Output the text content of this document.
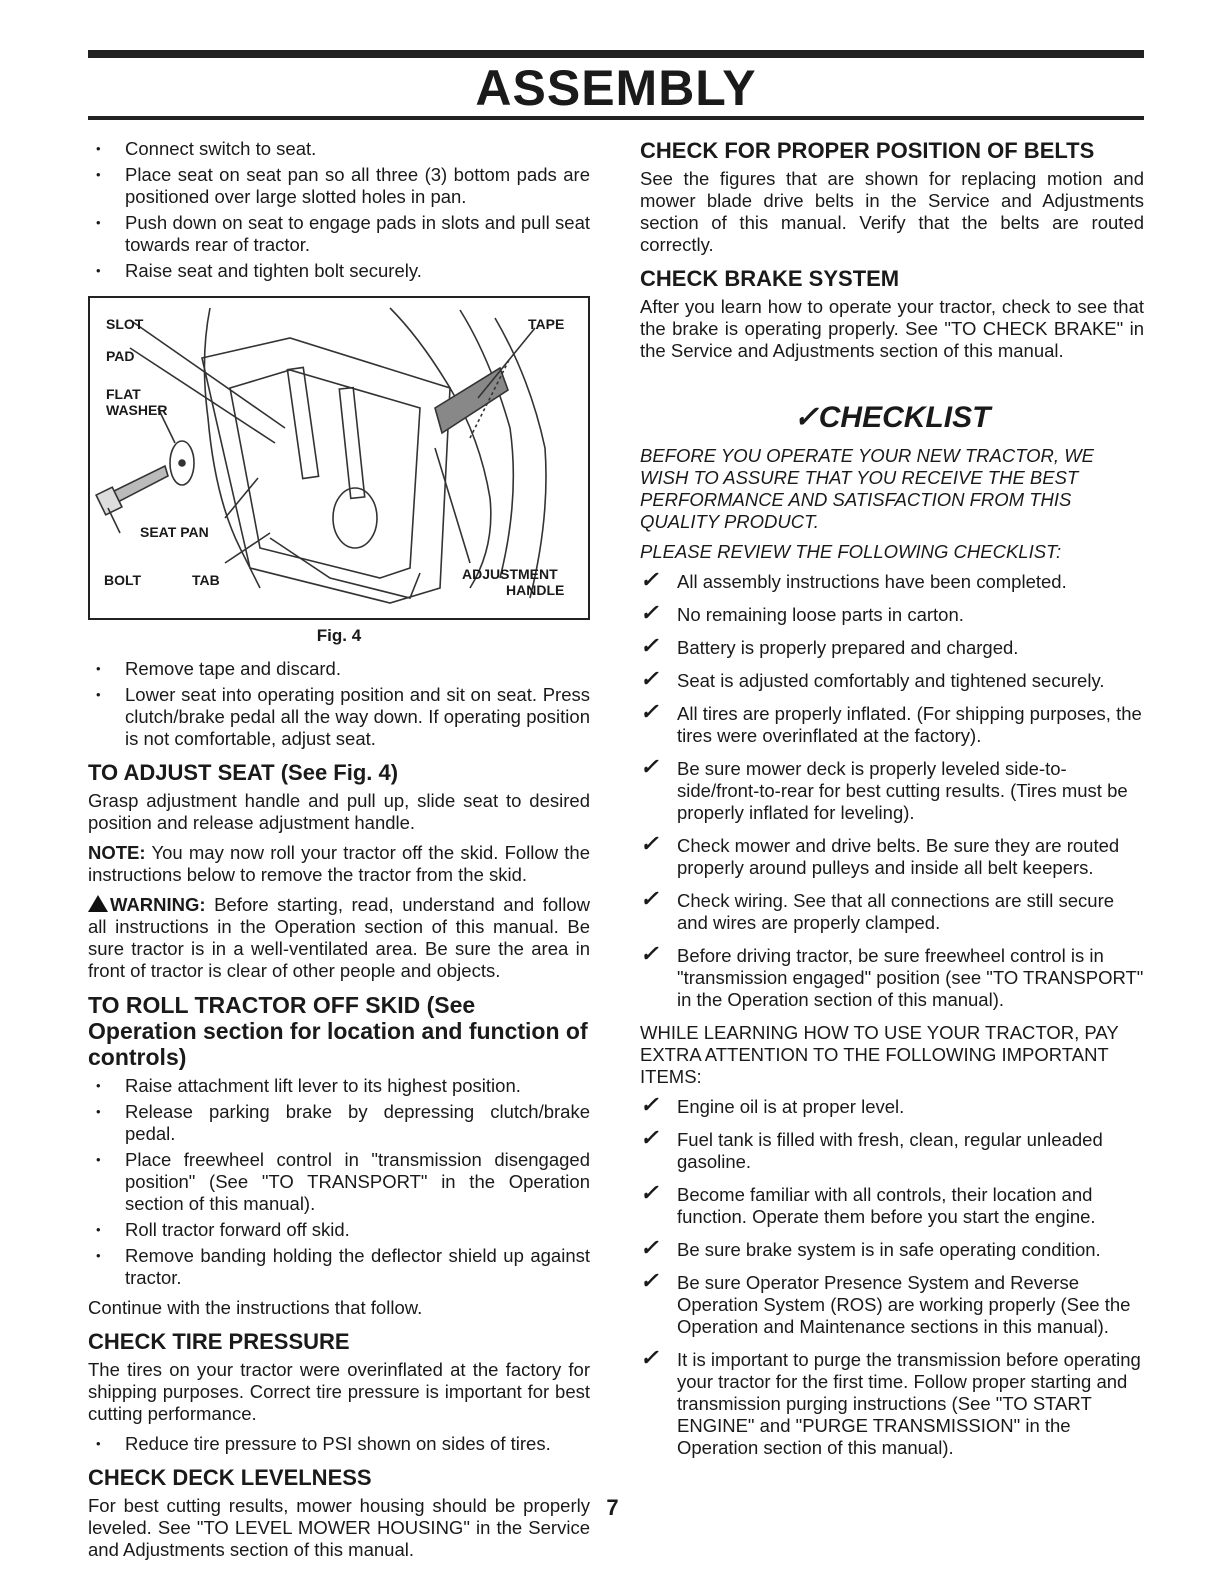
ASSEMBLY
• Connect switch to seat.
• Place seat on seat pan so all three (3) bottom pads are positioned over large slotted holes in pan.
• Push down on seat to engage pads in slots and pull seat towards rear of tractor.
• Raise seat and tighten bolt securely.
SLOT
PAD
FLAT
WASHER
SEAT PAN
BOLT	TAB
TAPE
ADJUSTMENT
HANDLE
Fig. 4
• Remove tape and discard.
• Lower seat into operating position and sit on seat. Press clutch/brake pedal all the way down. If operating position is not comfortable, adjust seat.
TO ADJUST SEAT (See Fig. 4)

Grasp adjustment handle and pull up, slide seat to desired position and release adjustment handle.

NOTE: You may now roll your tractor off the skid. Follow the instructions below to remove the tractor from the skid.

WARNING: Before starting, read, understand and follow all instructions in the Operation section of this manual. Be sure tractor is in a well-ventilated area. Be sure the area in front of tractor is clear of other people and objects.

TO ROLL TRACTOR OFF SKID (See Operation section for location and function of controls)
• Raise attachment lift lever to its highest position.
• Release parking brake by depressing clutch/brake pedal.
• Place freewheel control in "transmission disengaged position" (See "TO TRANSPORT" in the Operation section of this manual).
• Roll tractor forward off skid.
• Remove banding holding the deflector shield up against tractor.

Continue with the instructions that follow.

CHECK TIRE PRESSURE

The tires on your tractor were overinflated at the factory for shipping purposes. Correct tire pressure is important for best cutting performance.

• Reduce tire pressure to PSI shown on sides of tires.
CHECK DECK LEVELNESS

For best cutting results, mower housing should be properly leveled. See "TO LEVEL MOWER HOUSING" in the Service and Adjustments section of this manual.

CHECK FOR PROPER POSITION OF BELTS

See the figures that are shown for replacing motion and mower blade drive belts in the Service and Adjustments section of this manual. Verify that the belts are routed correctly.

CHECK BRAKE SYSTEM

After you learn how to operate your tractor, check to see that the brake is operating properly. See "TO CHECK BRAKE" in the Service and Adjustments section of this manual.

✓CHECKLIST

BEFORE YOU OPERATE YOUR NEW TRACTOR, WE WISH TO ASSURE THAT YOU RECEIVE THE BEST PERFORMANCE AND SATISFACTION FROM THIS QUALITY PRODUCT.

PLEASE REVIEW THE FOLLOWING CHECKLIST:

✓ All assembly instructions have been completed.
✓ No remaining loose parts in carton.
✓ Battery is properly prepared and charged.
✓ Seat is adjusted comfortably and tightened securely.
✓ All tires are properly inflated. (For shipping purposes, the tires were overinflated at the factory).
✓ Be sure mower deck is properly leveled side-to-side/front-to-rear for best cutting results. (Tires must be properly inflated for leveling).
✓ Check mower and drive belts. Be sure they are routed properly around pulleys and inside all belt keepers.
✓ Check wiring. See that all connections are still secure and wires are properly clamped.
✓ Before driving tractor, be sure freewheel control is in "transmission engaged" position (see "TO TRANSPORT" in the Operation section of this manual).

WHILE LEARNING HOW TO USE YOUR TRACTOR, PAY EXTRA ATTENTION TO THE FOLLOWING IMPORTANT ITEMS:

✓ Engine oil is at proper level.
✓ Fuel tank is filled with fresh, clean, regular unleaded gasoline.
✓ Become familiar with all controls, their location and function. Operate them before you start the engine.
✓ Be sure brake system is in safe operating condition.
✓ Be sure Operator Presence System and Reverse Operation System (ROS) are working properly (See the Operation and Maintenance sections in this manual).
✓ It is important to purge the transmission before operating your tractor for the first time. Follow proper starting and transmission purging instructions (See "TO START ENGINE" and "PURGE TRANSMISSION" in the Operation section of this manual).
7
